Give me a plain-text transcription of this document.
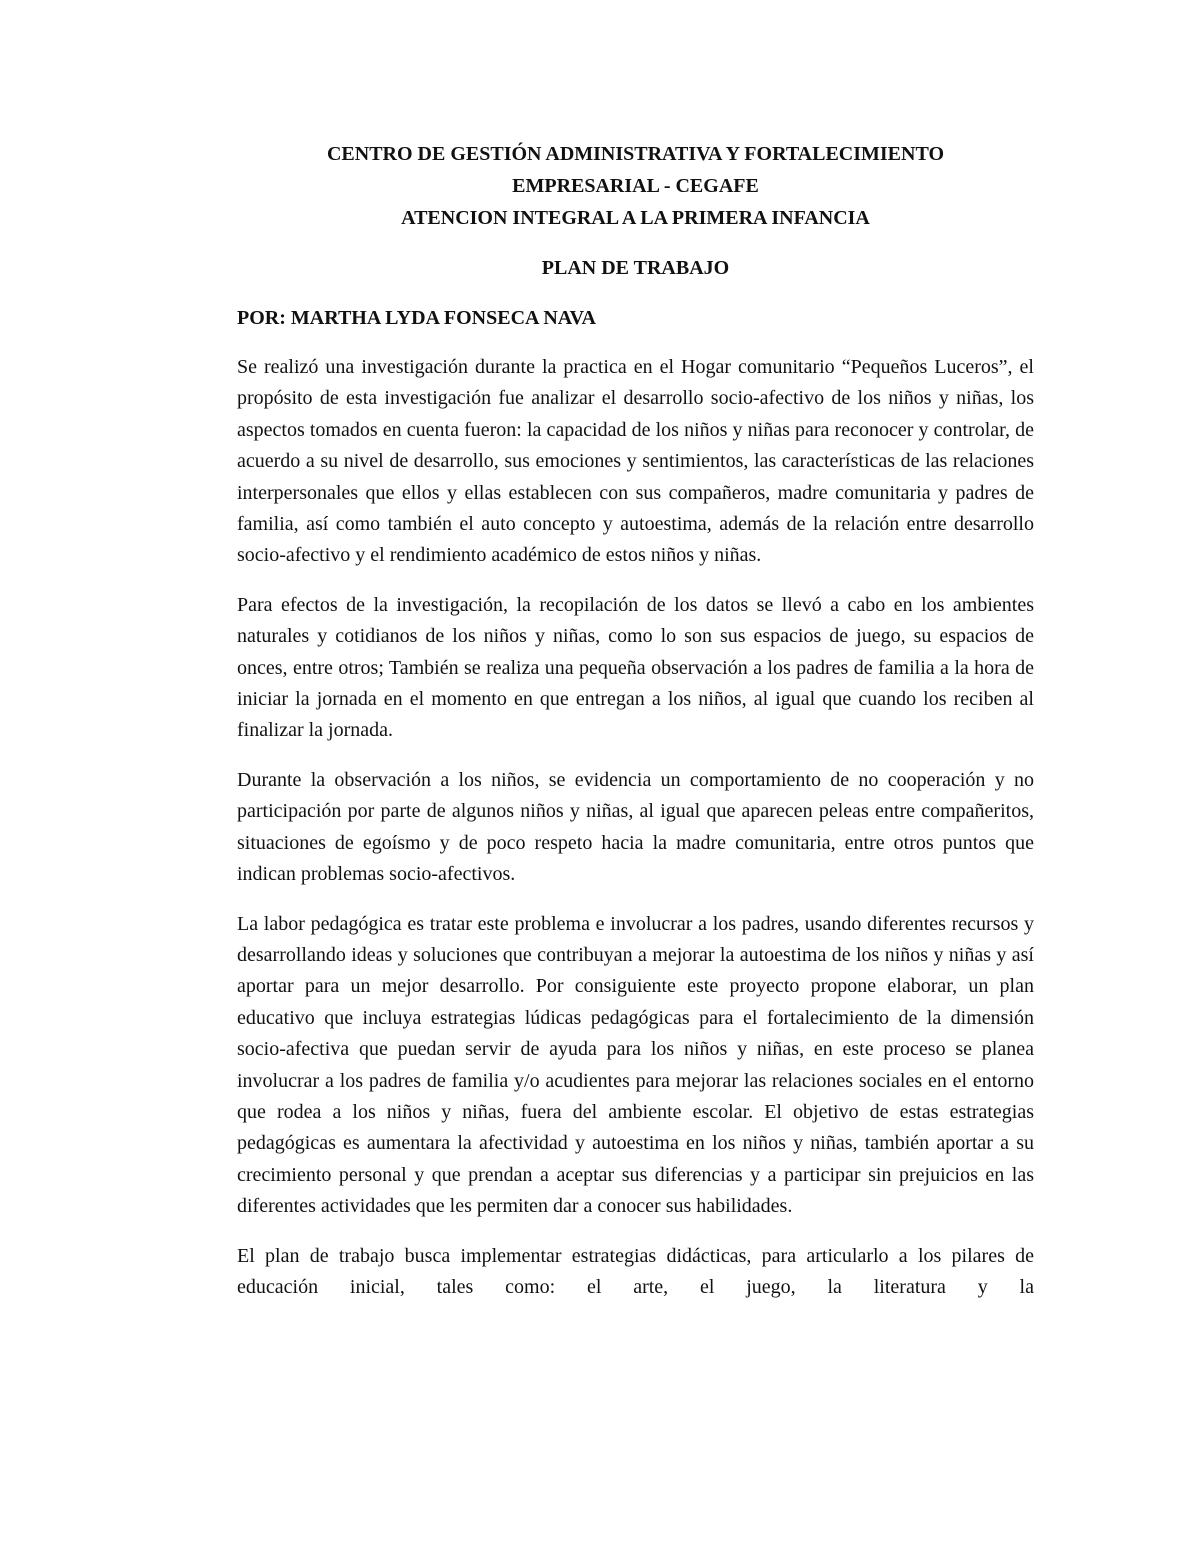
CENTRO DE GESTIÓN ADMINISTRATIVA Y FORTALECIMIENTO

EMPRESARIAL - CEGAFE

ATENCION INTEGRAL A LA PRIMERA INFANCIA

PLAN DE TRABAJO

POR: MARTHA LYDA FONSECA NAVA

Se realizó una investigación durante la practica en el Hogar comunitario “Pequeños Luceros”, el propósito de esta investigación fue analizar el desarrollo socio-afectivo de los niños y niñas, los aspectos tomados en cuenta fueron: la capacidad de los niños y niñas para reconocer y controlar, de acuerdo a su nivel de desarrollo, sus emociones y sentimientos, las características de las relaciones interpersonales que ellos y ellas establecen con sus compañeros, madre comunitaria y padres de familia, así como también el auto concepto y autoestima, además de la relación entre desarrollo socio-afectivo y el rendimiento académico de estos niños y niñas.

Para efectos de la investigación, la recopilación de los datos se llevó a cabo en los ambientes naturales y cotidianos de los niños y niñas, como lo son sus espacios de juego, su espacios de onces, entre otros; También se realiza una pequeña observación a los padres de familia a la hora de iniciar la jornada en el momento en que entregan a los niños, al igual que cuando los reciben al finalizar la jornada.

Durante la observación a los niños, se evidencia un comportamiento de no cooperación y no participación por parte de algunos niños y niñas, al igual que aparecen peleas entre compañeritos, situaciones de egoísmo y de poco respeto hacia la madre comunitaria, entre otros puntos que indican problemas socio-afectivos.

La labor pedagógica es tratar este problema e involucrar a los padres, usando diferentes recursos y desarrollando ideas y soluciones que contribuyan a mejorar la autoestima de los niños y niñas y así aportar para un mejor desarrollo. Por consiguiente este proyecto propone elaborar, un plan educativo que incluya estrategias lúdicas pedagógicas para el fortalecimiento de la dimensión socio-afectiva que puedan servir de ayuda para los niños y niñas, en este proceso se planea involucrar a los padres de familia y/o acudientes para mejorar las relaciones sociales en el entorno que rodea a los niños y niñas, fuera del ambiente escolar. El objetivo de estas estrategias pedagógicas es aumentara la afectividad y autoestima en los niños y niñas, también aportar a su crecimiento personal y que prendan a aceptar sus diferencias y a participar sin prejuicios en las diferentes actividades que les permiten dar a conocer sus habilidades.

El plan de trabajo busca implementar estrategias didácticas, para articularlo a los pilares de educación inicial, tales como: el arte, el juego, la literatura y la
